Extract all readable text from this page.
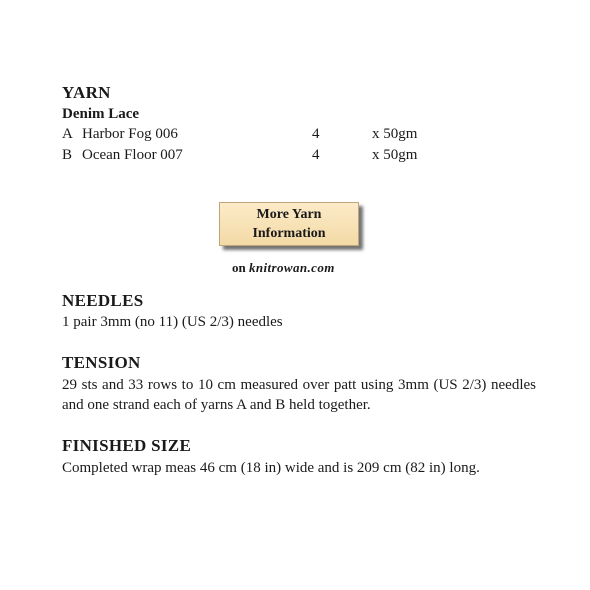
YARN
Denim Lace
A Harbor Fog 006	4	x 50gm
B Ocean Floor 007	4	x 50gm
More Yarn
Information
on knitrowan.com
NEEDLES

1 pair 3mm (no 11) (US 2/3) needles

TENSION

29 sts and 33 rows to 10 cm measured over patt using 3mm (US 2/3) needles and one strand each of yarns A and B held together.

FINISHED SIZE

Completed wrap meas 46 cm (18 in) wide and is 209 cm (82 in) long.
